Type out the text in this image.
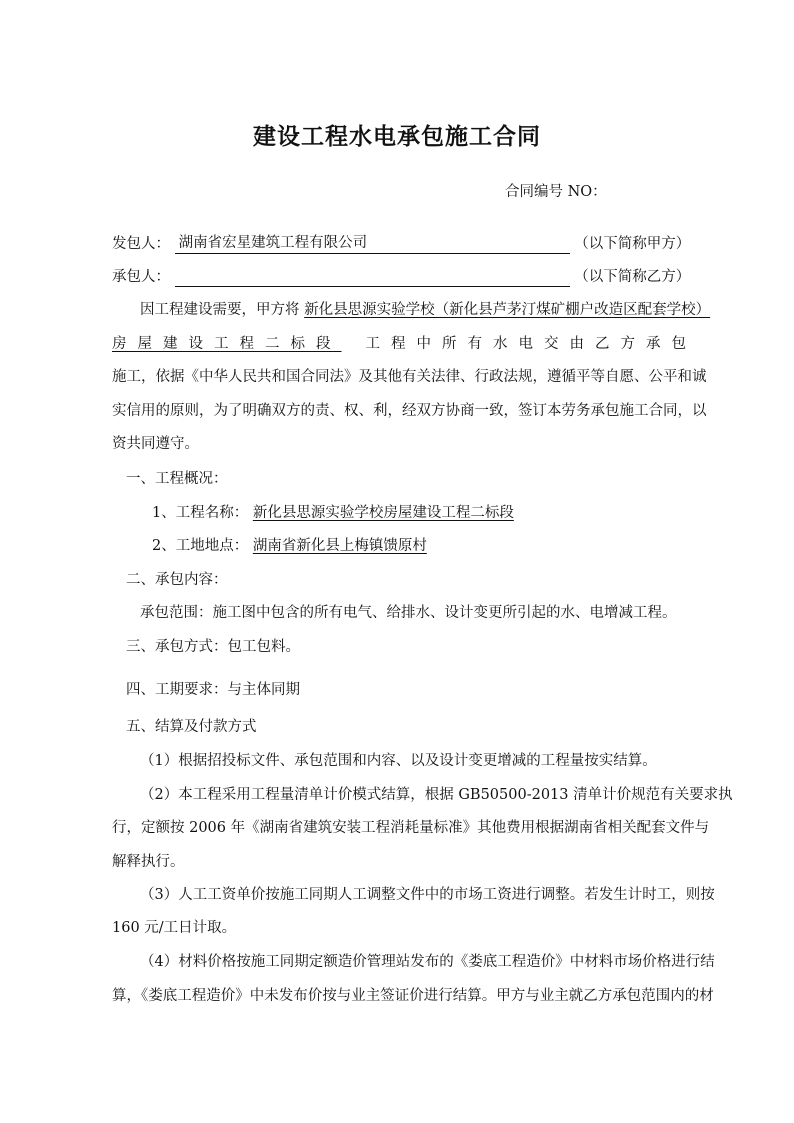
建设工程水电承包施工合同
合同编号 NO：
发包人： 湖南省宏星建筑工程有限公司	（以下简称甲方）
承包人：	（以下简称乙方）
因工程建设需要，甲方将 新化县思源实验学校（新化县芦茅汀煤矿棚户改造区配套学校）
房屋建设工程二标段 工程中所有水电交由乙方承包
施工，依据《中华人民共和国合同法》及其他有关法律、行政法规，遵循平等自愿、公平和诚
实信用的原则，为了明确双方的责、权、利，经双方协商一致，签订本劳务承包施工合同，以
资共同遵守。
一、工程概况：
1、工程名称： 新化县思源实验学校房屋建设工程二标段
2、工地地点： 湖南省新化县上梅镇馈原村
二、承包内容：
承包范围：施工图中包含的所有电气、给排水、设计变更所引起的水、电增减工程。
三、承包方式：包工包料。
四、工期要求：与主体同期
五、结算及付款方式
（1）根据招投标文件、承包范围和内容、以及设计变更增减的工程量按实结算。
（2）本工程采用工程量清单计价模式结算，根据 GB50500-2013 清单计价规范有关要求执
行，定额按 2006 年《湖南省建筑安装工程消耗量标准》其他费用根据湖南省相关配套文件与
解释执行。
（3）人工工资单价按施工同期人工调整文件中的市场工资进行调整。若发生计时工，则按
160 元/工日计取。
（4）材料价格按施工同期定额造价管理站发布的《娄底工程造价》中材料市场价格进行结
算，《娄底工程造价》中未发布价按与业主签证价进行结算。甲方与业主就乙方承包范围内的材
